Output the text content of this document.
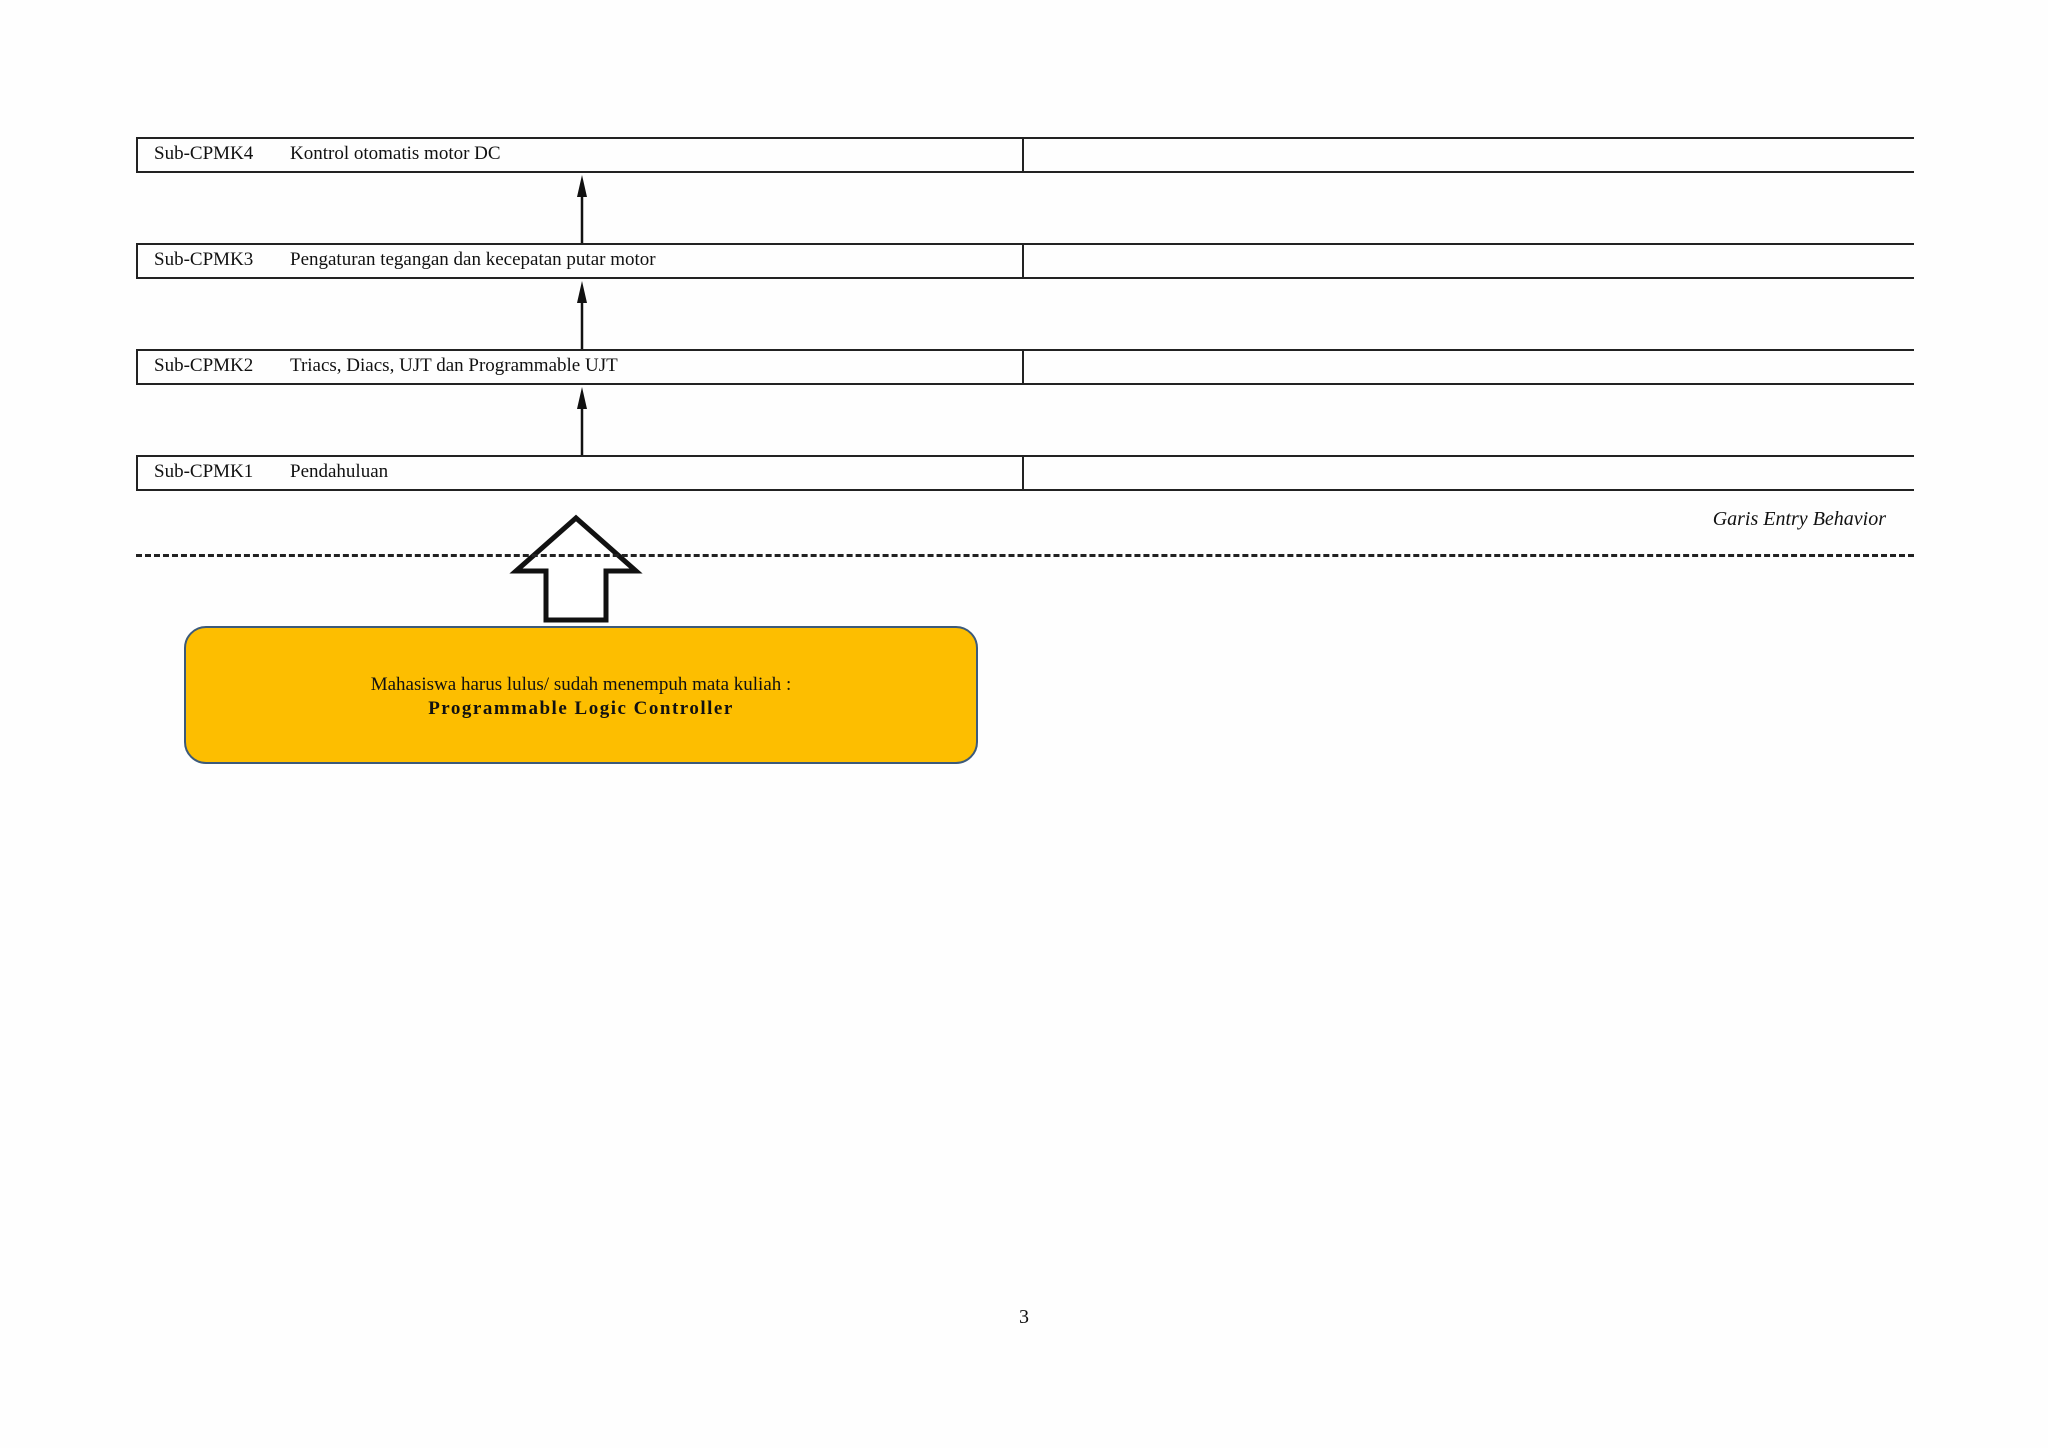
Sub-CPMK4 Kontrol otomatis motor DC
Sub-CPMK3 Pengaturan tegangan dan kecepatan putar motor
Sub-CPMK2 Triacs, Diacs, UJT dan Programmable UJT
Sub-CPMK1 Pendahuluan
Garis Entry Behavior
Mahasiswa harus lulus/ sudah menempuh mata kuliah :
Programmable Logic Controller
3
